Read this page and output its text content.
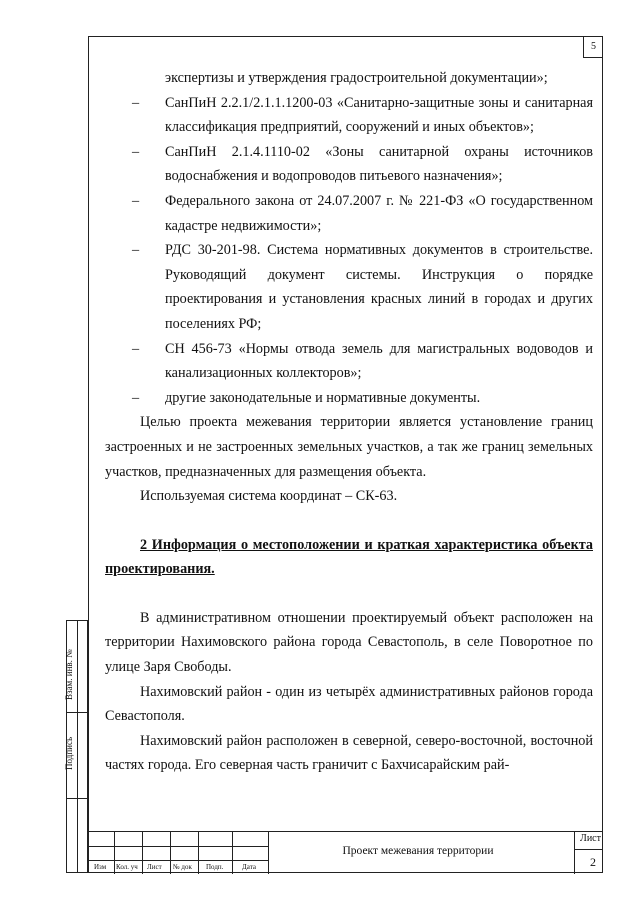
5

экспертизы и утверждения градостроительной документации»;

– СанПиН 2.2.1/2.1.1.1200-03 «Санитарно-защитные зоны и санитарная классификация предприятий, сооружений и иных объектов»;

– СанПиН 2.1.4.1110-02 «Зоны санитарной охраны источников водоснабжения и водопроводов питьевого назначения»;

– Федерального закона от 24.07.2007 г. № 221-ФЗ «О государственном кадастре недвижимости»;

– РДС 30-201-98. Система нормативных документов в строительстве. Руководящий документ системы. Инструкция о порядке проектирования и установления красных линий в городах и других поселениях РФ;

– СН 456-73 «Нормы отвода земель для магистральных водоводов и канализационных коллекторов»;

– другие законодательные и нормативные документы.

Целью проекта межевания территории является установление границ застроенных и не застроенных земельных участков, а так же границ земельных участков, предназначенных для размещения объекта.

Используемая система координат – СК-63.

2 Информация о местоположении и краткая характеристика объекта проектирования.

В административном отношении проектируемый объект расположен на территории Нахимовского района города Севастополь, в селе Поворотное по улице Заря Свободы.

Нахимовский район - один из четырёх административных районов города Севастополя.

Нахимовский район расположен в северной, северо-восточной, восточной частях города. Его северная часть граничит с Бахчисарайским рай-

Взам. инв. №
Подпись
Изм Кол. уч Лист № док Подп.	Дата
Проект межевания территории
Лист
2
